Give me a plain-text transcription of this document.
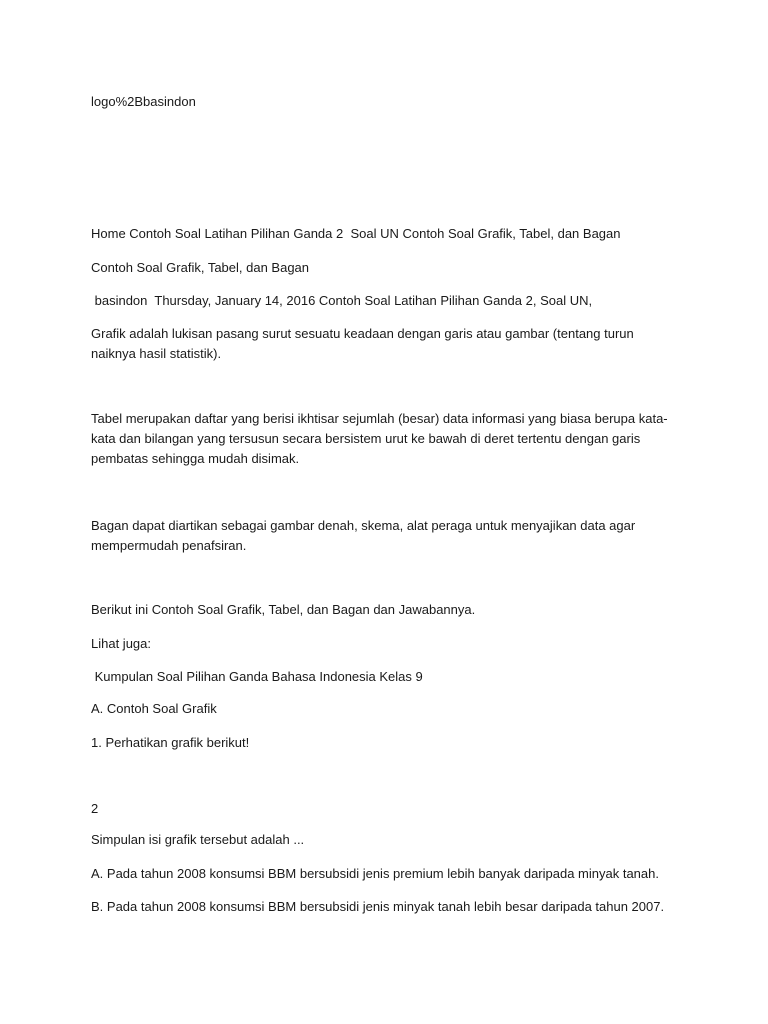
logo%2Bbasindon

Home Contoh Soal Latihan Pilihan Ganda 2  Soal UN Contoh Soal Grafik, Tabel, dan Bagan

Contoh Soal Grafik, Tabel, dan Bagan

basindon  Thursday, January 14, 2016 Contoh Soal Latihan Pilihan Ganda 2, Soal UN,

Grafik adalah lukisan pasang surut sesuatu keadaan dengan garis atau gambar (tentang turun naiknya hasil statistik).

Tabel merupakan daftar yang berisi ikhtisar sejumlah (besar) data informasi yang biasa berupa kata-kata dan bilangan yang tersusun secara bersistem urut ke bawah di deret tertentu dengan garis pembatas sehingga mudah disimak.

Bagan dapat diartikan sebagai gambar denah, skema, alat peraga untuk menyajikan data agar mempermudah penafsiran.

Berikut ini Contoh Soal Grafik, Tabel, dan Bagan dan Jawabannya.

Lihat juga:

Kumpulan Soal Pilihan Ganda Bahasa Indonesia Kelas 9

A. Contoh Soal Grafik

1. Perhatikan grafik berikut!

2

Simpulan isi grafik tersebut adalah ...

A. Pada tahun 2008 konsumsi BBM bersubsidi jenis premium lebih banyak daripada minyak tanah.

B. Pada tahun 2008 konsumsi BBM bersubsidi jenis minyak tanah lebih besar daripada tahun 2007.
